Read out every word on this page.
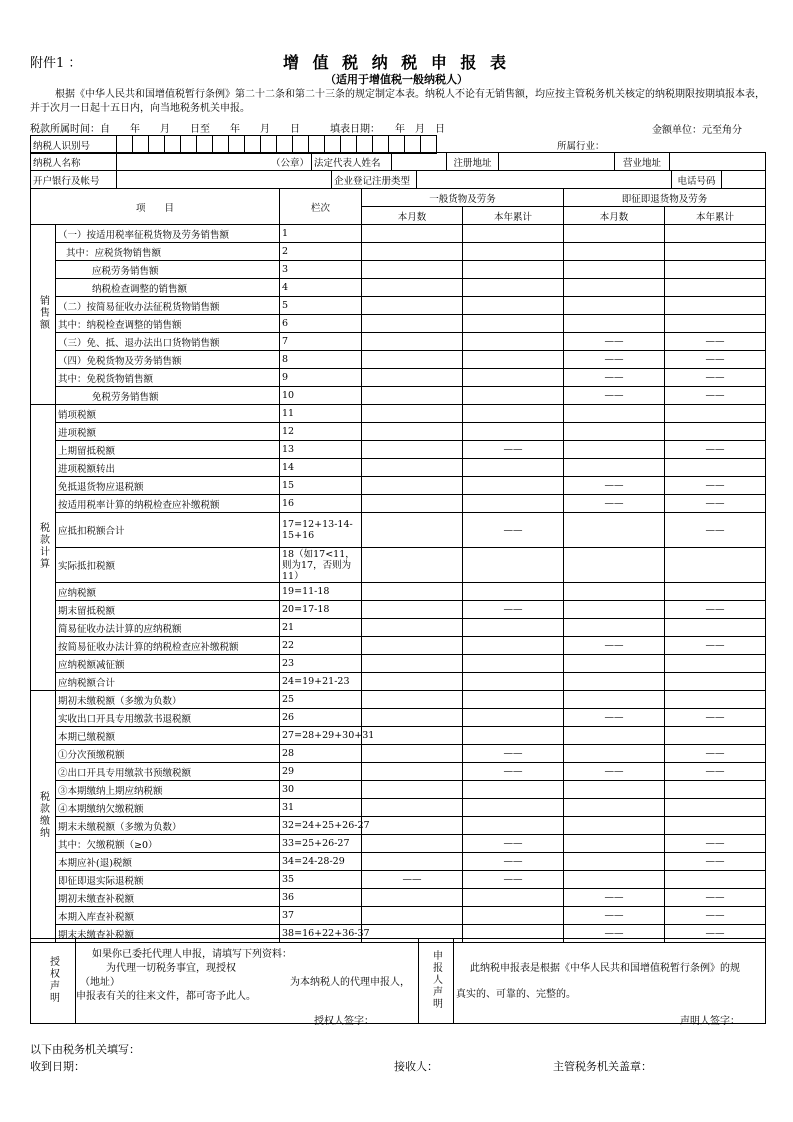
附件1 ：	增 值 税 纳 税 申 报 表
（适用于增值税一般纳税人）
根据《中华人民共和国增值税暂行条例》第二十二条和第二十三条的规定制定本表。纳税人不论有无销售额，均应按主管税务机关核定的纳税期限按期填报本表，并于次月一日起十五日内，向当地税务机关申报。
税款所属时间：自　　年　　月　　日至　　年　　月　　日	填表日期：　　年　月　日	金额单位：元至角分
纳税人识别号																					所属行业：
纳税人名称	（公章）	法定代表人姓名		注册地址		营业地址	
开户银行及帐号		企业登记注册类型		电话号码	
项　　目		栏次	一般货物及劳务		即征即退货物及劳务	
			本月数	本年累计	本月数	本年累计
销售额	（一）按适用税率征税货物及劳务销售额	1				
	其中：应税货物销售额	2				
	应税劳务销售额	3				
	纳税检查调整的销售额	4				
	（二）按简易征收办法征税货物销售额	5				
	其中：纳税检查调整的销售额	6				
	（三）免、抵、退办法出口货物销售额	7			——	——
	（四）免税货物及劳务销售额	8			——	——
	其中：免税货物销售额	9			——	——
	免税劳务销售额	10			——	——
税款计算	销项税额	11				
	进项税额	12				
	上期留抵税额	13		——		——
	进项税额转出	14				
	免抵退货物应退税额	15			——	——
	按适用税率计算的纳税检查应补缴税额	16			——	——
	应抵扣税额合计	17=12+13-14-15+16		——		——
	实际抵扣税额	18（如17<11，则为17，否则为11）				
	应纳税额	19=11-18				
	期末留抵税额	20=17-18		——		——
	简易征收办法计算的应纳税额	21				
	按简易征收办法计算的纳税检查应补缴税额	22			——	——
	应纳税额减征额	23				
	应纳税额合计	24=19+21-23				
税款缴纳	期初未缴税额（多缴为负数）	25				
	实收出口开具专用缴款书退税额	26			——	——
	本期已缴税额	27=28+29+30+31				
	①分次预缴税额	28		——		——
	②出口开具专用缴款书预缴税额	29		——	——	——
	③本期缴纳上期应纳税额	30				
	④本期缴纳欠缴税额	31				
	期末未缴税额（多缴为负数）	32=24+25+26-27				
	其中：欠缴税额（≥0）	33=25+26-27		——		——
	本期应补(退)税额	34=24-28-29		——		——
	即征即退实际退税额	35	——	——		
	期初未缴查补税额	36			——	——
	本期入库查补税额	37			——	——
	期末未缴查补税额	38=16+22+36-37			——	——
授权声明	
如果你已委托代理人申报，请填写下列资料：
为代理一切税务事宜，现授权
（地址）	为本纳税人的代理申报人，
申报表有关的往来文件，都可寄予此人。
授权人签字：
	申报人声明	此纳税申报表是根据《中华人民共和国增值税暂行条例》的规
真实的、可靠的、完整的。
声明人签字：
以下由税务机关填写：
收到日期：	接收人：	主管税务机关盖章：
